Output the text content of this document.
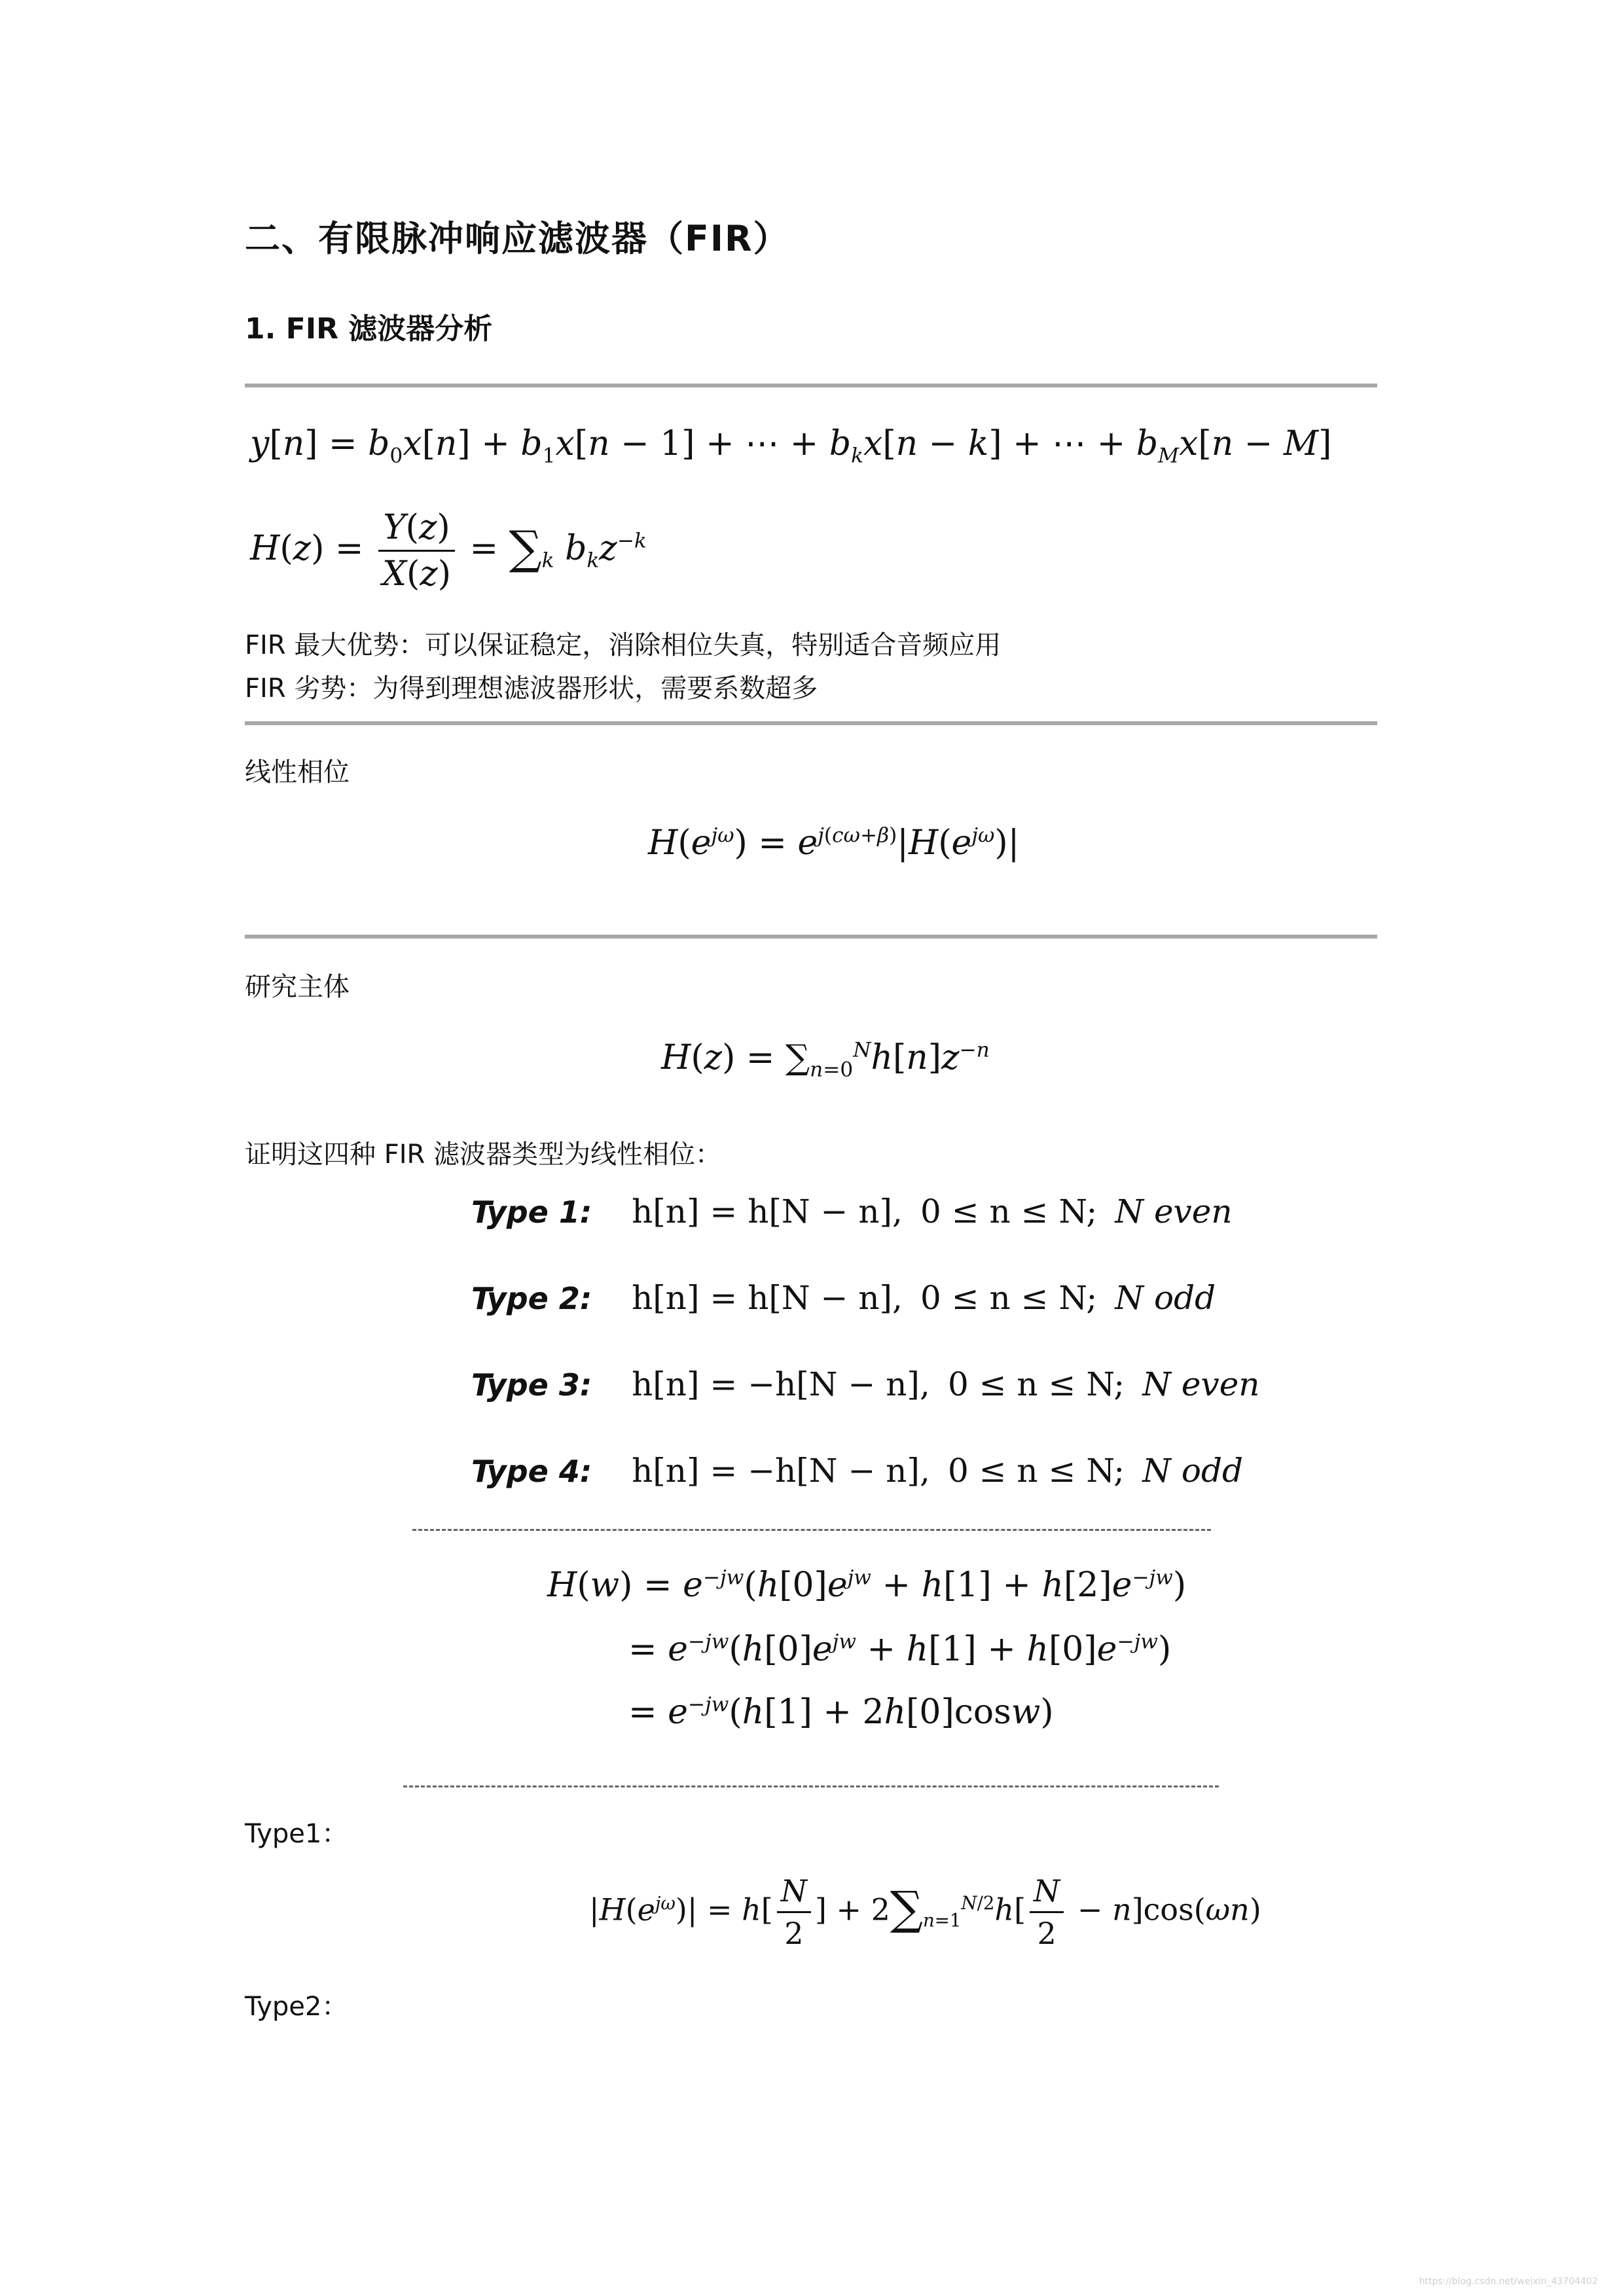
二、有限脉冲响应滤波器（FIR）
1. FIR 滤波器分析
$y[n] = b_0x[n] + b_1x[n - 1]$ + ⋯ + $b_kx[n - k]$ + ⋯ + $b_Mx[n - M]$
$H(z) = \frac{Y(z)}{X(z)} = \sum_k$ $b_kz^{-k}$
FIR 最大优势：可以保证稳定，消除相位失真，特别适合音频应用
FIR 劣势：为得到理想滤波器形状，需要系数超多
线性相位
$H(e^{j\omega}) = e^{j(c\omega+\beta)}|H(e^{j\omega})|$
研究主体
$H(z) = \sum_{n=0}^Nh[n]z^{-n}$
证明这四种 FIR 滤波器类型为线性相位：
Type 1: h[n] = h[N − n], 0 ≤ n ≤ N; N even
Type 2: h[n] = h[N − n], 0 ≤ n ≤ N; N odd
Type 3: h[n] = −h[N − n], 0 ≤ n ≤ N; N even
Type 4: h[n] = −h[N − n], 0 ≤ n ≤ N; N odd
$H(w) = e^{-jw}(h[0]e^{jw} + h[1] + h[2]e^{-jw})$
= $e^{-jw}(h[0]e^{jw} + h[1] + h[0]e^{-jw})$
= $e^{-jw}(h[1] + 2h[0]\cos w)$
Type1：
$|H(e^{j\omega})| = h[ \frac{N}{2}$ ] + $2\sum_{n=1}^{N/2}h[ \frac{N}{2} - n]\cos(\omega n)$
Type2：
https://blog.csdn.net/weixin_43704402
